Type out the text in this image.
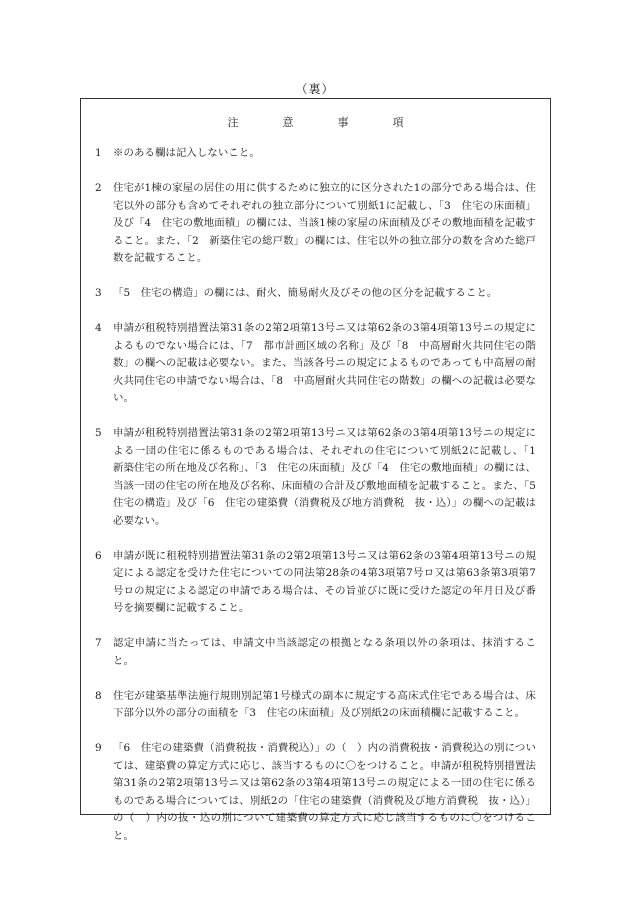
（裏）
注	意	事	項
1	※のある欄は記入しないこと。
2	住宅が1棟の家屋の居住の用に供するために独立的に区分された1の部分である場合は、住宅以外の部分も含めてそれぞれの独立部分について別紙1に記載し、「3　住宅の床面積」及び「4　住宅の敷地面積」の欄には、当該1棟の家屋の床面積及びその敷地面積を記載すること。また、「2　新築住宅の総戸数」の欄には、住宅以外の独立部分の数を含めた総戸数を記載すること。
3	「5　住宅の構造」の欄には、耐火、簡易耐火及びその他の区分を記載すること。
4	申請が租税特別措置法第31条の2第2項第13号ニ又は第62条の3第4項第13号ニの規定によるものでない場合には、「7　都市計画区域の名称」及び「8　中高層耐火共同住宅の階数」の欄への記載は必要ない。また、当該各号ニの規定によるものであっても中高層の耐火共同住宅の申請でない場合は、「8　中高層耐火共同住宅の階数」の欄への記載は必要ない。
5	申請が租税特別措置法第31条の2第2項第13号ニ又は第62条の3第4項第13号ニの規定による一団の住宅に係るものである場合は、それぞれの住宅について別紙2に記載し、「1　新築住宅の所在地及び名称」、「3　住宅の床面積」及び「4　住宅の敷地面積」の欄には、当該一団の住宅の所在地及び名称、床面積の合計及び敷地面積を記載すること。また、「5　住宅の構造」及び「6　住宅の建築費（消費税及び地方消費税　抜・込）」の欄への記載は必要ない。
6	申請が既に租税特別措置法第31条の2第2項第13号ニ又は第62条の3第4項第13号ニの規定による認定を受けた住宅についての同法第28条の4第3項第7号ロ又は第63条第3項第7号ロの規定による認定の申請である場合は、その旨並びに既に受けた認定の年月日及び番号を摘要欄に記載すること。
7	認定申請に当たっては、申請文中当該認定の根拠となる条項以外の条項は、抹消すること。
8	住宅が建築基準法施行規則別記第1号様式の副本に規定する高床式住宅である場合は、床下部分以外の部分の面積を「3　住宅の床面積」及び別紙2の床面積欄に記載すること。
9	「6　住宅の建築費（消費税抜・消費税込）」の（　）内の消費税抜・消費税込の別については、建築費の算定方式に応じ、該当するものに〇をつけること。申請が租税特別措置法第31条の2第2項第13号ニ又は第62条の3第4項第13号ニの規定による一団の住宅に係るものである場合については、別紙2の「住宅の建築費（消費税及び地方消費税　抜・込）」の（　）内の抜・込の別について建築費の算定方式に応じ該当するものに〇をつけること。
